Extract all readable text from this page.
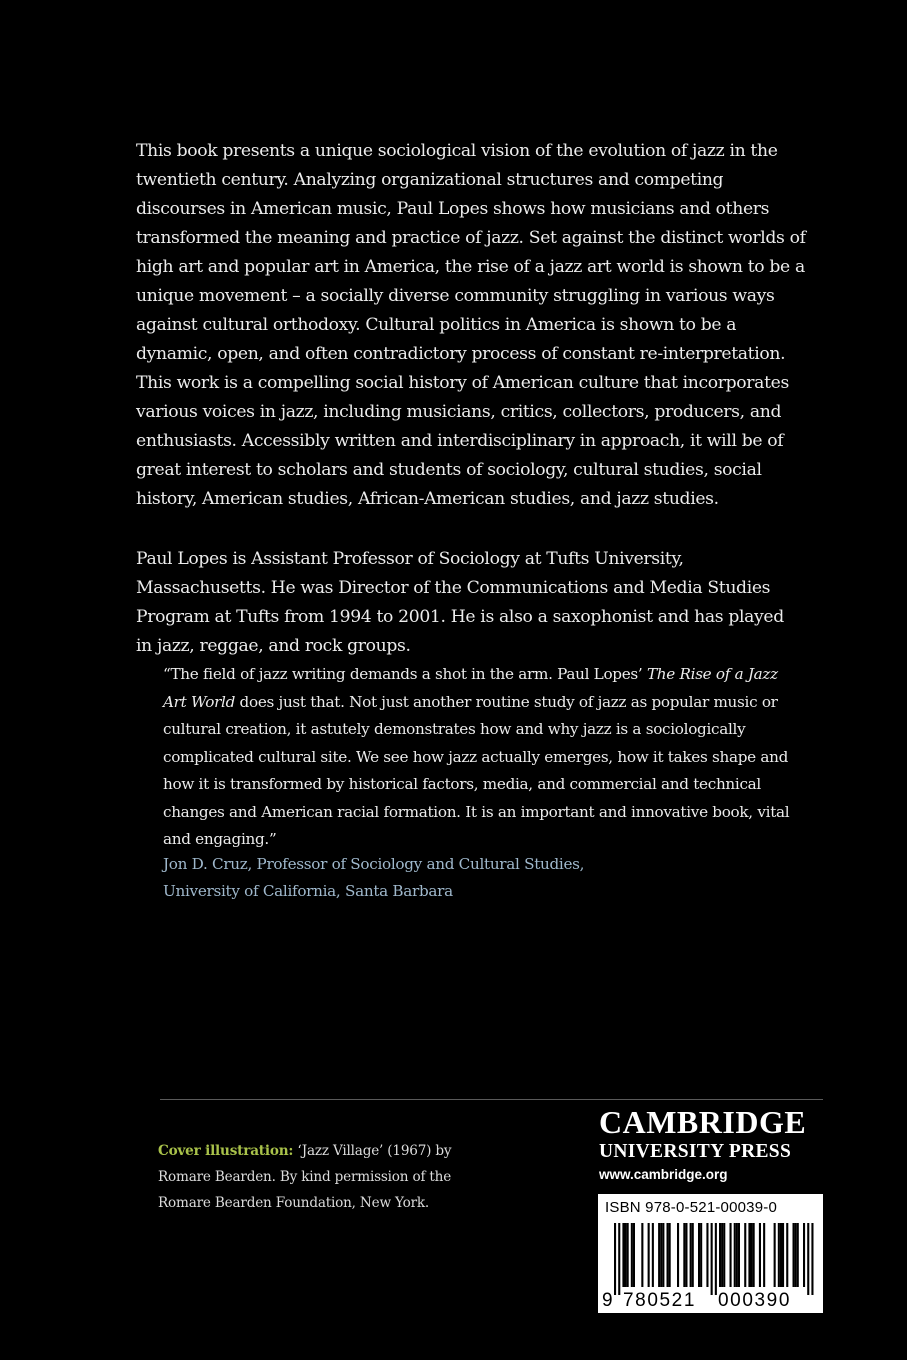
This book presents a unique sociological vision of the evolution of jazz in the twentieth century. Analyzing organizational structures and competing discourses in American music, Paul Lopes shows how musicians and others transformed the meaning and practice of jazz. Set against the distinct worlds of high art and popular art in America, the rise of a jazz art world is shown to be a unique movement – a socially diverse community struggling in various ways against cultural orthodoxy. Cultural politics in America is shown to be a dynamic, open, and often contradictory process of constant re-interpretation. This work is a compelling social history of American culture that incorporates various voices in jazz, including musicians, critics, collectors, producers, and enthusiasts. Accessibly written and interdisciplinary in approach, it will be of great interest to scholars and students of sociology, cultural studies, social history, American studies, African-American studies, and jazz studies.

Paul Lopes is Assistant Professor of Sociology at Tufts University, Massachusetts. He was Director of the Communications and Media Studies Program at Tufts from 1994 to 2001. He is also a saxophonist and has played in jazz, reggae, and rock groups.

“The field of jazz writing demands a shot in the arm. Paul Lopes’ The Rise of a Jazz Art World does just that. Not just another routine study of jazz as popular music or cultural creation, it astutely demonstrates how and why jazz is a sociologically complicated cultural site. We see how jazz actually emerges, how it takes shape and how it is transformed by historical factors, media, and commercial and technical changes and American racial formation. It is an important and innovative book, vital and engaging.”

Jon D. Cruz, Professor of Sociology and Cultural Studies,
University of California, Santa Barbara

Cover illustration: ‘Jazz Village’ (1967) by Romare Bearden. By kind permission of the Romare Bearden Foundation, New York.

CAMBRIDGE
UNIVERSITY PRESS
www.cambridge.org
ISBN 978-0-521-00039-0
9 780521 000390
